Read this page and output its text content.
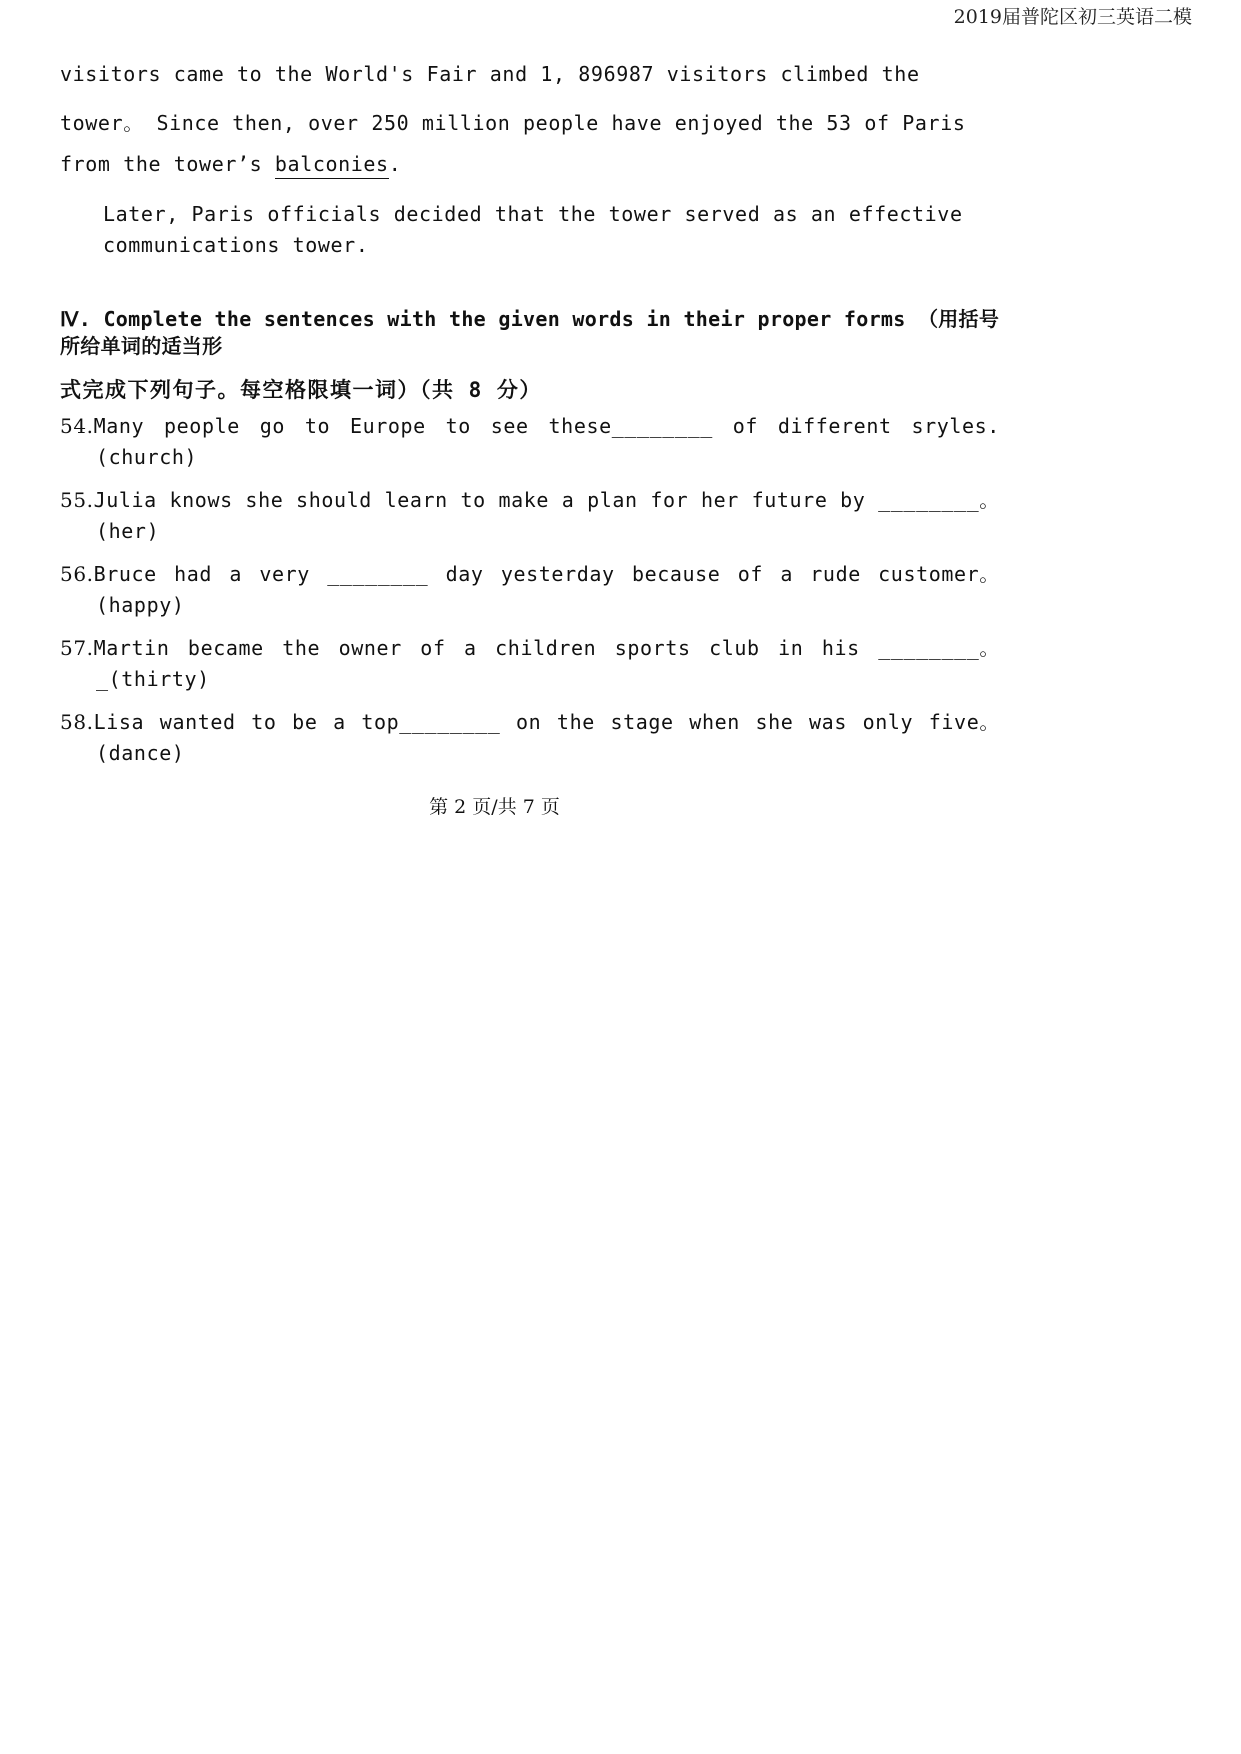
2019届普陀区初三英语二模
visitors came to the World's Fair and 1, 896987 visitors climbed the
tower。 Since then, over 250 million people have enjoyed the 53 of Paris
from the tower’s balconies.
Later, Paris officials decided that the tower served as an effective communications tower.
Ⅳ. Complete the sentences with the given words in their proper forms （用括号所给单词的适当形
式完成下列句子。每空格限填一词）（共 8 分）
54.Many people go to Europe to see these________ of different sryles.
(church)
55.Julia knows she should learn to make a plan for her future by ________。
(her)
56.Bruce had a very ________ day yesterday because of a rude customer。
(happy)
57.Martin became the owner of a children sports club in his ________。
_(thirty)
58.Lisa wanted to be a top________ on the stage when she was only five。
(dance)
第 2 页/共 7 页
